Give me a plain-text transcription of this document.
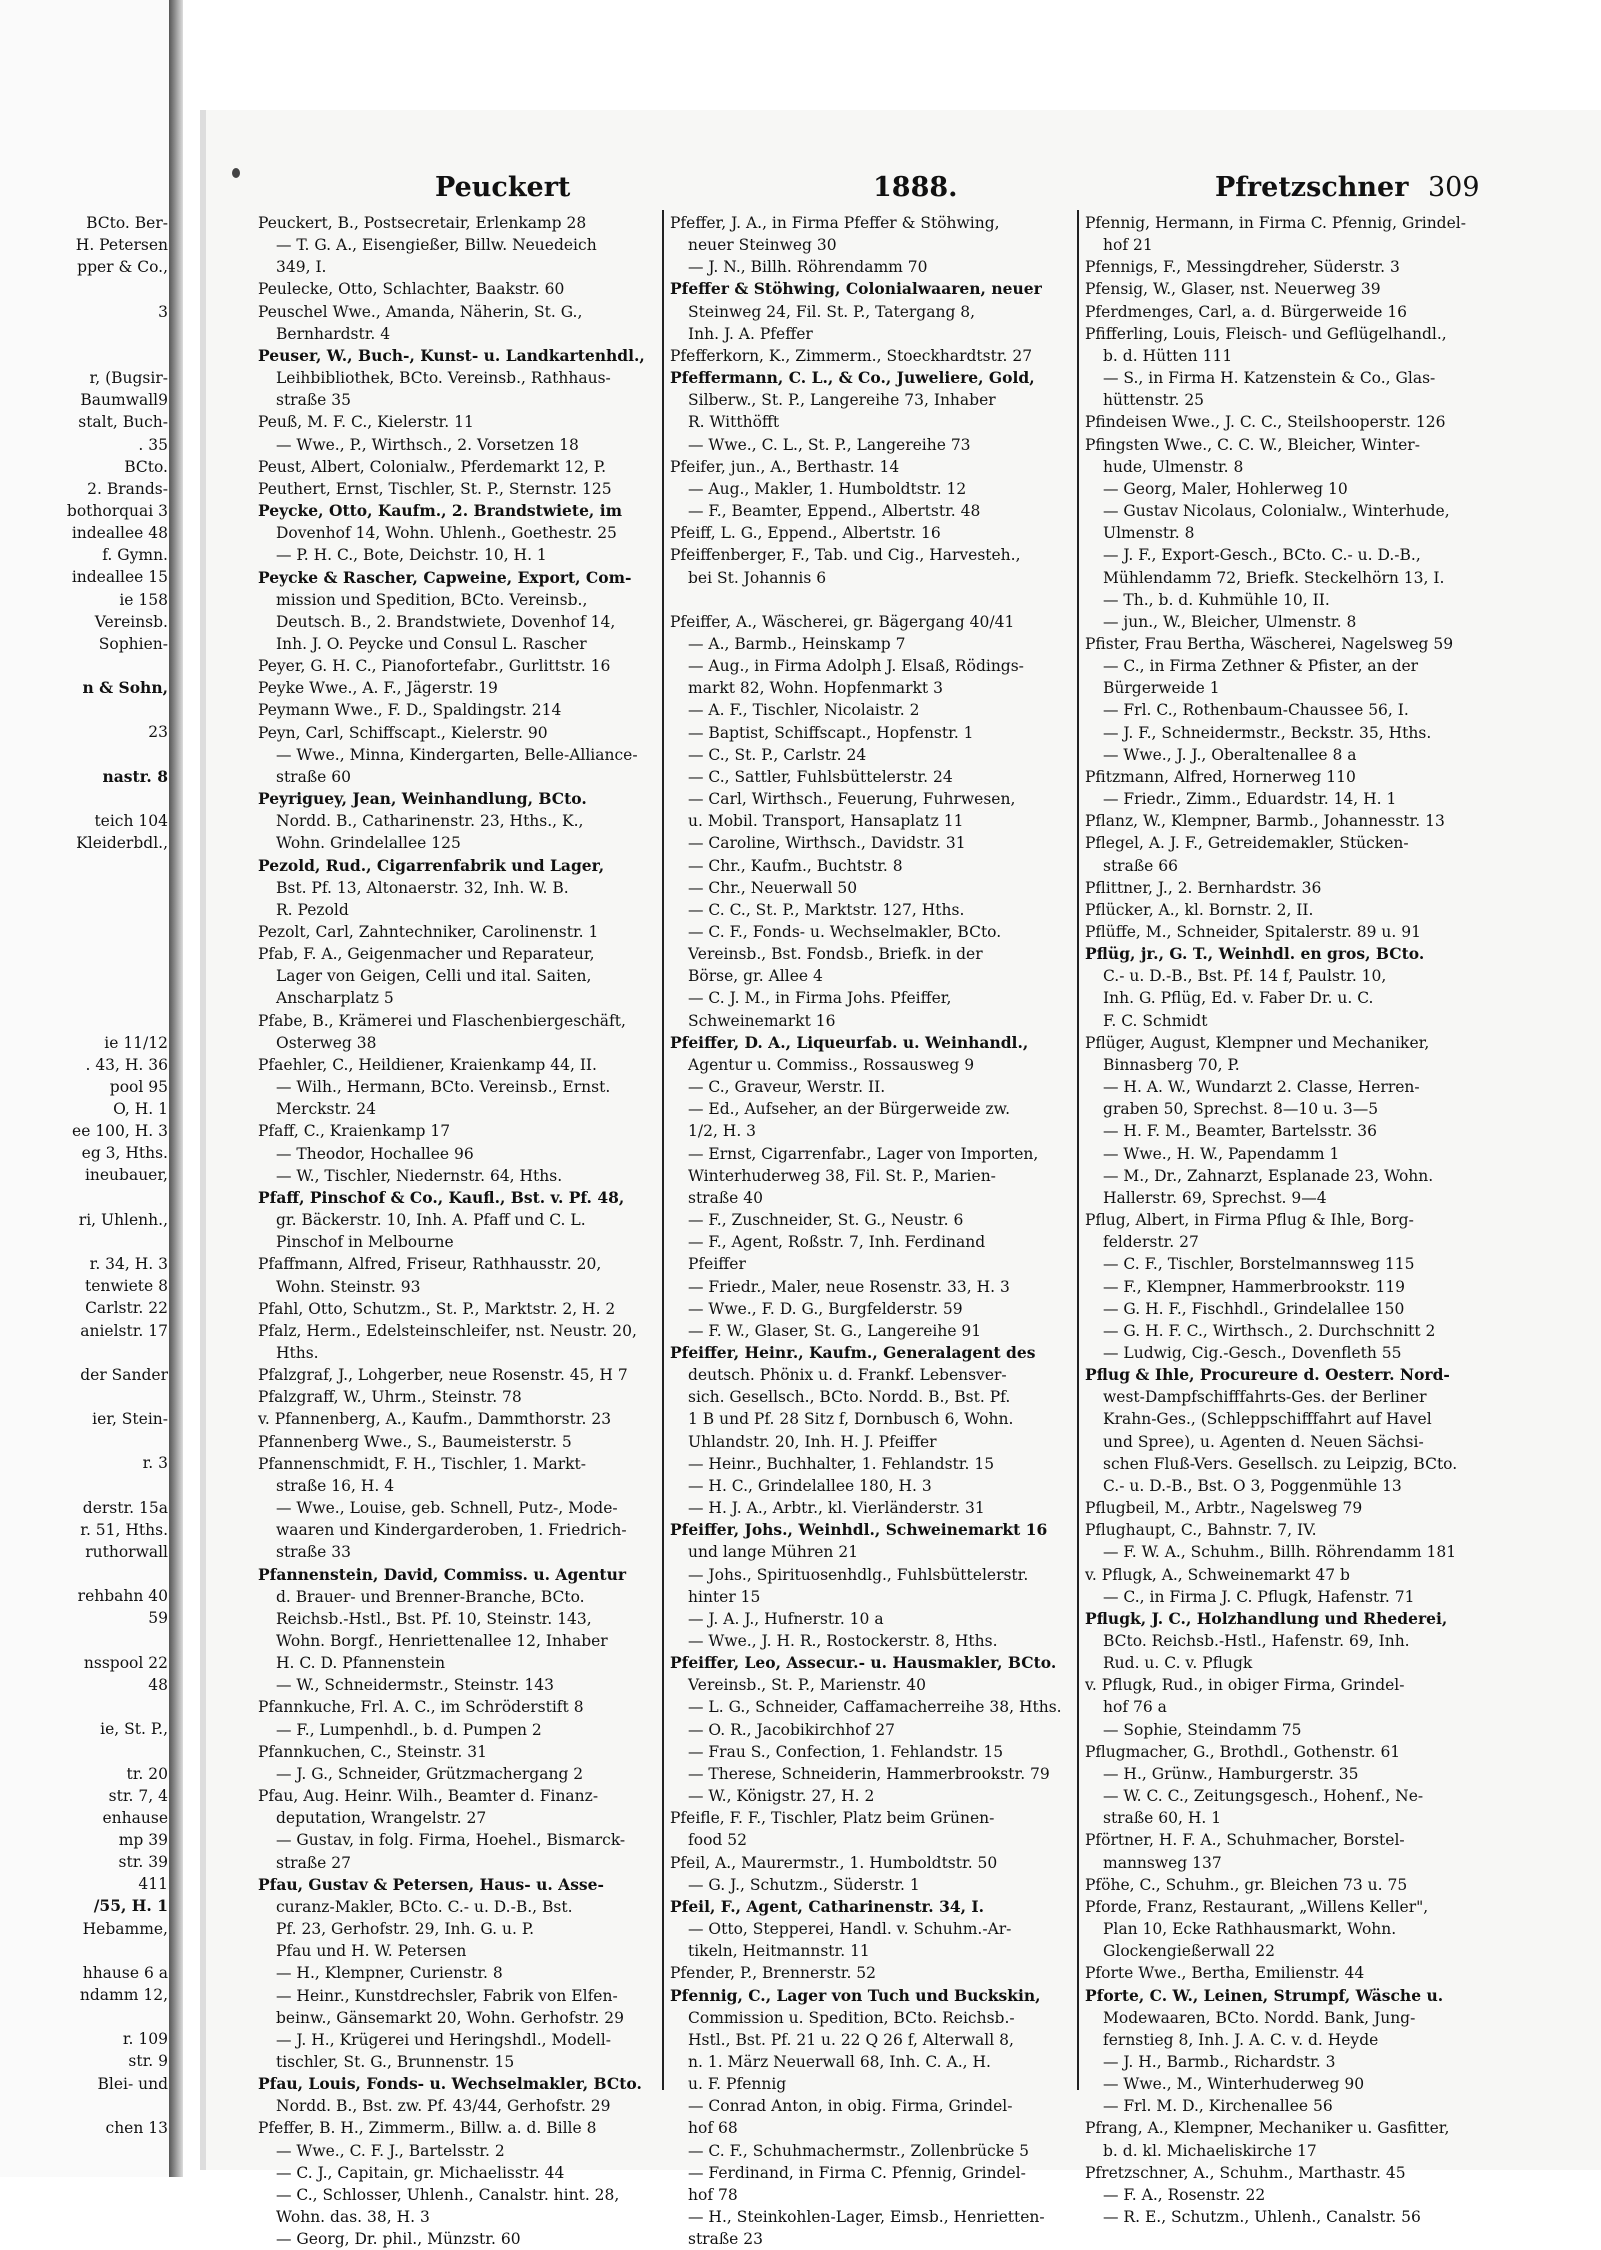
BCto. Ber-
H. Petersen
pper & Co.,
3
r, (Bugsir-
Baumwall9
stalt, Buch-
. 35
BCto.
2. Brands-
bothorquai 3
indeallee 48
f. Gymn.
indeallee 15
ie 158
Vereinsb.
Sophien-
n & Sohn,
23
nastr. 8
teich 104
Kleiderbdl.,
ie 11/12
. 43, H. 36
pool 95
O, H. 1
ee 100, H. 3
eg 3, Hths.
ineubauer,
ri, Uhlenh.,
r. 34, H. 3
tenwiete 8
Carlstr. 22
anielstr. 17
der Sander
ier, Stein-
r. 3
derstr. 15a
r. 51, Hths.
ruthorwall
rehbahn 40
59
nsspool 22
48
ie, St. P.,
tr. 20
str. 7, 4
enhause
mp 39
str. 39
411
/55, H. 1
Hebamme,
hhause 6 a
ndamm 12,
r. 109
str. 9
Blei- und
chen 13
Peuckert	1888.	Pfretzschner 309
Peuckert, B., Postsecretair, Erlenkamp 28
— T. G. A., Eisengießer, Billw. Neuedeich
349, I.
Peulecke, Otto, Schlachter, Baakstr. 60
Peuschel Wwe., Amanda, Näherin, St. G.,
Bernhardstr. 4
Peuser, W., Buch-, Kunst- u. Landkartenhdl.,
Leihbibliothek, BCto. Vereinsb., Rathhaus-
straße 35
Peuß, M. F. C., Kielerstr. 11
— Wwe., P., Wirthsch., 2. Vorsetzen 18
Peust, Albert, Colonialw., Pferdemarkt 12, P.
Peuthert, Ernst, Tischler, St. P., Sternstr. 125
Peycke, Otto, Kaufm., 2. Brandstwiete, im
Dovenhof 14, Wohn. Uhlenh., Goethestr. 25
— P. H. C., Bote, Deichstr. 10, H. 1
Peycke & Rascher, Capweine, Export, Com-
mission und Spedition, BCto. Vereinsb.,
Deutsch. B., 2. Brandstwiete, Dovenhof 14,
Inh. J. O. Peycke und Consul L. Rascher
Peyer, G. H. C., Pianofortefabr., Gurlittstr. 16
Peyke Wwe., A. F., Jägerstr. 19
Peymann Wwe., F. D., Spaldingstr. 214
Peyn, Carl, Schiffscapt., Kielerstr. 90
— Wwe., Minna, Kindergarten, Belle-Alliance-
straße 60
Peyriguey, Jean, Weinhandlung, BCto.
Nordd. B., Catharinenstr. 23, Hths., K.,
Wohn. Grindelallee 125
Pezold, Rud., Cigarrenfabrik und Lager,
Bst. Pf. 13, Altonaerstr. 32, Inh. W. B.
R. Pezold
Pezolt, Carl, Zahntechniker, Carolinenstr. 1
Pfab, F. A., Geigenmacher und Reparateur,
Lager von Geigen, Celli und ital. Saiten,
Anscharplatz 5
Pfabe, B., Krämerei und Flaschenbiergeschäft,
Osterweg 38
Pfaehler, C., Heildiener, Kraienkamp 44, II.
— Wilh., Hermann, BCto. Vereinsb., Ernst.
Merckstr. 24
Pfaff, C., Kraienkamp 17
— Theodor, Hochallee 96
— W., Tischler, Niedernstr. 64, Hths.
Pfaff, Pinschof & Co., Kaufl., Bst. v. Pf. 48,
gr. Bäckerstr. 10, Inh. A. Pfaff und C. L.
Pinschof in Melbourne
Pfaffmann, Alfred, Friseur, Rathhausstr. 20,
Wohn. Steinstr. 93
Pfahl, Otto, Schutzm., St. P., Marktstr. 2, H. 2
Pfalz, Herm., Edelsteinschleifer, nst. Neustr. 20,
Hths.
Pfalzgraf, J., Lohgerber, neue Rosenstr. 45, H 7
Pfalzgraff, W., Uhrm., Steinstr. 78
v. Pfannenberg, A., Kaufm., Dammthorstr. 23
Pfannenberg Wwe., S., Baumeisterstr. 5
Pfannenschmidt, F. H., Tischler, 1. Markt-
straße 16, H. 4
— Wwe., Louise, geb. Schnell, Putz-, Mode-
waaren und Kindergarderoben, 1. Friedrich-
straße 33
Pfannenstein, David, Commiss. u. Agentur
d. Brauer- und Brenner-Branche, BCto.
Reichsb.-Hstl., Bst. Pf. 10, Steinstr. 143,
Wohn. Borgf., Henriettenallee 12, Inhaber
H. C. D. Pfannenstein
— W., Schneidermstr., Steinstr. 143
Pfannkuche, Frl. A. C., im Schröderstift 8
— F., Lumpenhdl., b. d. Pumpen 2
Pfannkuchen, C., Steinstr. 31
— J. G., Schneider, Grützmachergang 2
Pfau, Aug. Heinr. Wilh., Beamter d. Finanz-
deputation, Wrangelstr. 27
— Gustav, in folg. Firma, Hoehel., Bismarck-
straße 27
Pfau, Gustav & Petersen, Haus- u. Asse-
curanz-Makler, BCto. C.- u. D.-B., Bst.
Pf. 23, Gerhofstr. 29, Inh. G. u. P.
Pfau und H. W. Petersen
— H., Klempner, Curienstr. 8
— Heinr., Kunstdrechsler, Fabrik von Elfen-
beinw., Gänsemarkt 20, Wohn. Gerhofstr. 29
— J. H., Krügerei und Heringshdl., Modell-
tischler, St. G., Brunnenstr. 15
Pfau, Louis, Fonds- u. Wechselmakler, BCto.
Nordd. B., Bst. zw. Pf. 43/44, Gerhofstr. 29
Pfeffer, B. H., Zimmerm., Billw. a. d. Bille 8
— Wwe., C. F. J., Bartelsstr. 2
— C. J., Capitain, gr. Michaelisstr. 44
— C., Schlosser, Uhlenh., Canalstr. hint. 28,
Wohn. das. 38, H. 3
— Georg, Dr. phil., Münzstr. 60
Pfeffer, J. A., in Firma Pfeffer & Stöhwing,
neuer Steinweg 30
— J. N., Billh. Röhrendamm 70
Pfeffer & Stöhwing, Colonialwaaren, neuer
Steinweg 24, Fil. St. P., Tatergang 8,
Inh. J. A. Pfeffer
Pfefferkorn, K., Zimmerm., Stoeckhardtstr. 27
Pfeffermann, C. L., & Co., Juweliere, Gold,
Silberw., St. P., Langereihe 73, Inhaber
R. Witthöfft
— Wwe., C. L., St. P., Langereihe 73
Pfeifer, jun., A., Berthastr. 14
— Aug., Makler, 1. Humboldtstr. 12
— F., Beamter, Eppend., Albertstr. 48
Pfeiff, L. G., Eppend., Albertstr. 16
Pfeiffenberger, F., Tab. und Cig., Harvesteh.,
bei St. Johannis 6

Pfeiffer, A., Wäscherei, gr. Bägergang 40/41
— A., Barmb., Heinskamp 7
— Aug., in Firma Adolph J. Elsaß, Rödings-
markt 82, Wohn. Hopfenmarkt 3
— A. F., Tischler, Nicolaistr. 2
— Baptist, Schiffscapt., Hopfenstr. 1
— C., St. P., Carlstr. 24
— C., Sattler, Fuhlsbüttelerstr. 24
— Carl, Wirthsch., Feuerung, Fuhrwesen,
u. Mobil. Transport, Hansaplatz 11
— Caroline, Wirthsch., Davidstr. 31
— Chr., Kaufm., Buchtstr. 8
— Chr., Neuerwall 50
— C. C., St. P., Marktstr. 127, Hths.
— C. F., Fonds- u. Wechselmakler, BCto.
Vereinsb., Bst. Fondsb., Briefk. in der
Börse, gr. Allee 4
— C. J. M., in Firma Johs. Pfeiffer,
Schweinemarkt 16
Pfeiffer, D. A., Liqueurfab. u. Weinhandl.,
Agentur u. Commiss., Rossausweg 9
— C., Graveur, Werstr. II.
— Ed., Aufseher, an der Bürgerweide zw.
1/2, H. 3
— Ernst, Cigarrenfabr., Lager von Importen,
Winterhuderweg 38, Fil. St. P., Marien-
straße 40
— F., Zuschneider, St. G., Neustr. 6
— F., Agent, Roßstr. 7, Inh. Ferdinand
Pfeiffer
— Friedr., Maler, neue Rosenstr. 33, H. 3
— Wwe., F. D. G., Burgfelderstr. 59
— F. W., Glaser, St. G., Langereihe 91
Pfeiffer, Heinr., Kaufm., Generalagent des
deutsch. Phönix u. d. Frankf. Lebensver-
sich. Gesellsch., BCto. Nordd. B., Bst. Pf.
1 B und Pf. 28 Sitz f, Dornbusch 6, Wohn.
Uhlandstr. 20, Inh. H. J. Pfeiffer
— Heinr., Buchhalter, 1. Fehlandstr. 15
— H. C., Grindelallee 180, H. 3
— H. J. A., Arbtr., kl. Vierländerstr. 31
Pfeiffer, Johs., Weinhdl., Schweinemarkt 16
und lange Mühren 21
— Johs., Spirituosenhdlg., Fuhlsbüttelerstr.
hinter 15
— J. A. J., Hufnerstr. 10 a
— Wwe., J. H. R., Rostockerstr. 8, Hths.
Pfeiffer, Leo, Assecur.- u. Hausmakler, BCto.
Vereinsb., St. P., Marienstr. 40
— L. G., Schneider, Caffamacherreihe 38, Hths.
— O. R., Jacobikirchhof 27
— Frau S., Confection, 1. Fehlandstr. 15
— Therese, Schneiderin, Hammerbrookstr. 79
— W., Königstr. 27, H. 2
Pfeifle, F. F., Tischler, Platz beim Grünen-
food 52
Pfeil, A., Maurermstr., 1. Humboldtstr. 50
— G. J., Schutzm., Süderstr. 1
Pfeil, F., Agent, Catharinenstr. 34, I.
— Otto, Stepperei, Handl. v. Schuhm.-Ar-
tikeln, Heitmannstr. 11
Pfender, P., Brennerstr. 52
Pfennig, C., Lager von Tuch und Buckskin,
Commission u. Spedition, BCto. Reichsb.-
Hstl., Bst. Pf. 21 u. 22 Q 26 f, Alterwall 8,
n. 1. März Neuerwall 68, Inh. C. A., H.
u. F. Pfennig
— Conrad Anton, in obig. Firma, Grindel-
hof 68
— C. F., Schuhmachermstr., Zollenbrücke 5
— Ferdinand, in Firma C. Pfennig, Grindel-
hof 78
— H., Steinkohlen-Lager, Eimsb., Henrietten-
straße 23
Pfennig, Hermann, in Firma C. Pfennig, Grindel-
hof 21
Pfennigs, F., Messingdreher, Süderstr. 3
Pfensig, W., Glaser, nst. Neuerweg 39
Pferdmenges, Carl, a. d. Bürgerweide 16
Pfifferling, Louis, Fleisch- und Geflügelhandl.,
b. d. Hütten 111
— S., in Firma H. Katzenstein & Co., Glas-
hüttenstr. 25
Pfindeisen Wwe., J. C. C., Steilshooperstr. 126
Pfingsten Wwe., C. C. W., Bleicher, Winter-
hude, Ulmenstr. 8
— Georg, Maler, Hohlerweg 10
— Gustav Nicolaus, Colonialw., Winterhude,
Ulmenstr. 8
— J. F., Export-Gesch., BCto. C.- u. D.-B.,
Mühlendamm 72, Briefk. Steckelhörn 13, I.
— Th., b. d. Kuhmühle 10, II.
— jun., W., Bleicher, Ulmenstr. 8
Pfister, Frau Bertha, Wäscherei, Nagelsweg 59
— C., in Firma Zethner & Pfister, an der
Bürgerweide 1
— Frl. C., Rothenbaum-Chaussee 56, I.
— J. F., Schneidermstr., Beckstr. 35, Hths.
— Wwe., J. J., Oberaltenallee 8 a
Pfitzmann, Alfred, Hornerweg 110
— Friedr., Zimm., Eduardstr. 14, H. 1
Pflanz, W., Klempner, Barmb., Johannesstr. 13
Pflegel, A. J. F., Getreidemakler, Stücken-
straße 66
Pflittner, J., 2. Bernhardstr. 36
Pflücker, A., kl. Bornstr. 2, II.
Pflüffe, M., Schneider, Spitalerstr. 89 u. 91
Pflüg, jr., G. T., Weinhdl. en gros, BCto.
C.- u. D.-B., Bst. Pf. 14 f, Paulstr. 10,
Inh. G. Pflüg, Ed. v. Faber Dr. u. C.
F. C. Schmidt
Pflüger, August, Klempner und Mechaniker,
Binnasberg 70, P.
— H. A. W., Wundarzt 2. Classe, Herren-
graben 50, Sprechst. 8—10 u. 3—5
— H. F. M., Beamter, Bartelsstr. 36
— Wwe., H. W., Papendamm 1
— M., Dr., Zahnarzt, Esplanade 23, Wohn.
Hallerstr. 69, Sprechst. 9—4
Pflug, Albert, in Firma Pflug & Ihle, Borg-
felderstr. 27
— C. F., Tischler, Borstelmannsweg 115
— F., Klempner, Hammerbrookstr. 119
— G. H. F., Fischhdl., Grindelallee 150
— G. H. F. C., Wirthsch., 2. Durchschnitt 2
— Ludwig, Cig.-Gesch., Dovenfleth 55
Pflug & Ihle, Procureure d. Oesterr. Nord-
west-Dampfschifffahrts-Ges. der Berliner
Krahn-Ges., (Schleppschifffahrt auf Havel
und Spree), u. Agenten d. Neuen Sächsi-
schen Fluß-Vers. Gesellsch. zu Leipzig, BCto.
C.- u. D.-B., Bst. O 3, Poggenmühle 13
Pflugbeil, M., Arbtr., Nagelsweg 79
Pflughaupt, C., Bahnstr. 7, IV.
— F. W. A., Schuhm., Billh. Röhrendamm 181
v. Pflugk, A., Schweinemarkt 47 b
— C., in Firma J. C. Pflugk, Hafenstr. 71
Pflugk, J. C., Holzhandlung und Rhederei,
BCto. Reichsb.-Hstl., Hafenstr. 69, Inh.
Rud. u. C. v. Pflugk
v. Pflugk, Rud., in obiger Firma, Grindel-
hof 76 a
— Sophie, Steindamm 75
Pflugmacher, G., Brothdl., Gothenstr. 61
— H., Grünw., Hamburgerstr. 35
— W. C. C., Zeitungsgesch., Hohenf., Ne-
straße 60, H. 1
Pförtner, H. F. A., Schuhmacher, Borstel-
mannsweg 137
Pföhe, C., Schuhm., gr. Bleichen 73 u. 75
Pforde, Franz, Restaurant, „Willens Keller",
Plan 10, Ecke Rathhausmarkt, Wohn.
Glockengießerwall 22
Pforte Wwe., Bertha, Emilienstr. 44
Pforte, C. W., Leinen, Strumpf, Wäsche u.
Modewaaren, BCto. Nordd. Bank, Jung-
fernstieg 8, Inh. J. A. C. v. d. Heyde
— J. H., Barmb., Richardstr. 3
— Wwe., M., Winterhuderweg 90
— Frl. M. D., Kirchenallee 56
Pfrang, A., Klempner, Mechaniker u. Gasfitter,
b. d. kl. Michaeliskirche 17
Pfretzschner, A., Schuhm., Marthastr. 45
— F. A., Rosenstr. 22
— R. E., Schutzm., Uhlenh., Canalstr. 56
